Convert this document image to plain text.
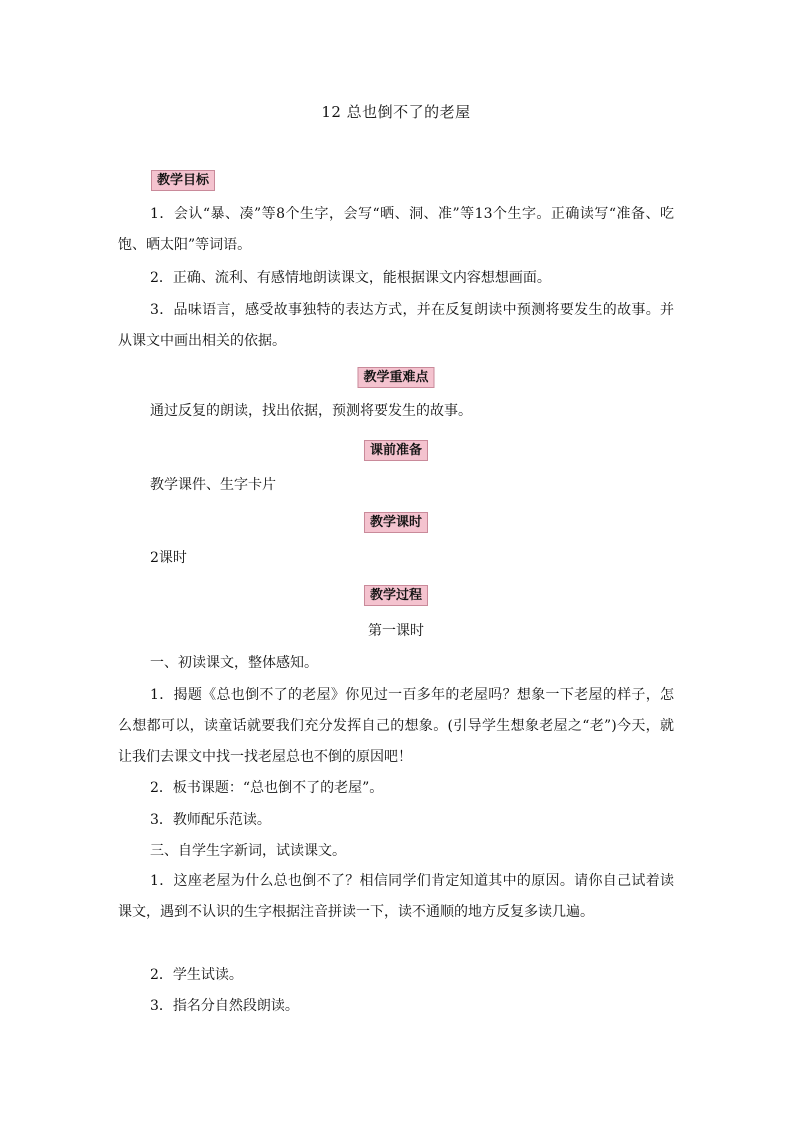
12 总也倒不了的老屋
教学目标
1．会认“暴、凑”等8个生字，会写“晒、洞、准”等13个生字。正确读写“准备、吃饱、晒太阳”等词语。
2．正确、流利、有感情地朗读课文，能根据课文内容想想画面。
3．品味语言，感受故事独特的表达方式，并在反复朗读中预测将要发生的故事。并从课文中画出相关的依据。
教学重难点
通过反复的朗读，找出依据，预测将要发生的故事。
课前准备
教学课件、生字卡片
教学课时
2课时
教学过程
第一课时
一、初读课文，整体感知。
1．揭题《总也倒不了的老屋》你见过一百多年的老屋吗？想象一下老屋的样子，怎么想都可以，读童话就要我们充分发挥自己的想象。(引导学生想象老屋之“老”)今天，就让我们去课文中找一找老屋总也不倒的原因吧！
2．板书课题：“总也倒不了的老屋”。
3．教师配乐范读。
三、自学生字新词，试读课文。
1．这座老屋为什么总也倒不了？相信同学们肯定知道其中的原因。请你自己试着读课文，遇到不认识的生字根据注音拼读一下，读不通顺的地方反复多读几遍。
2．学生试读。
3．指名分自然段朗读。
